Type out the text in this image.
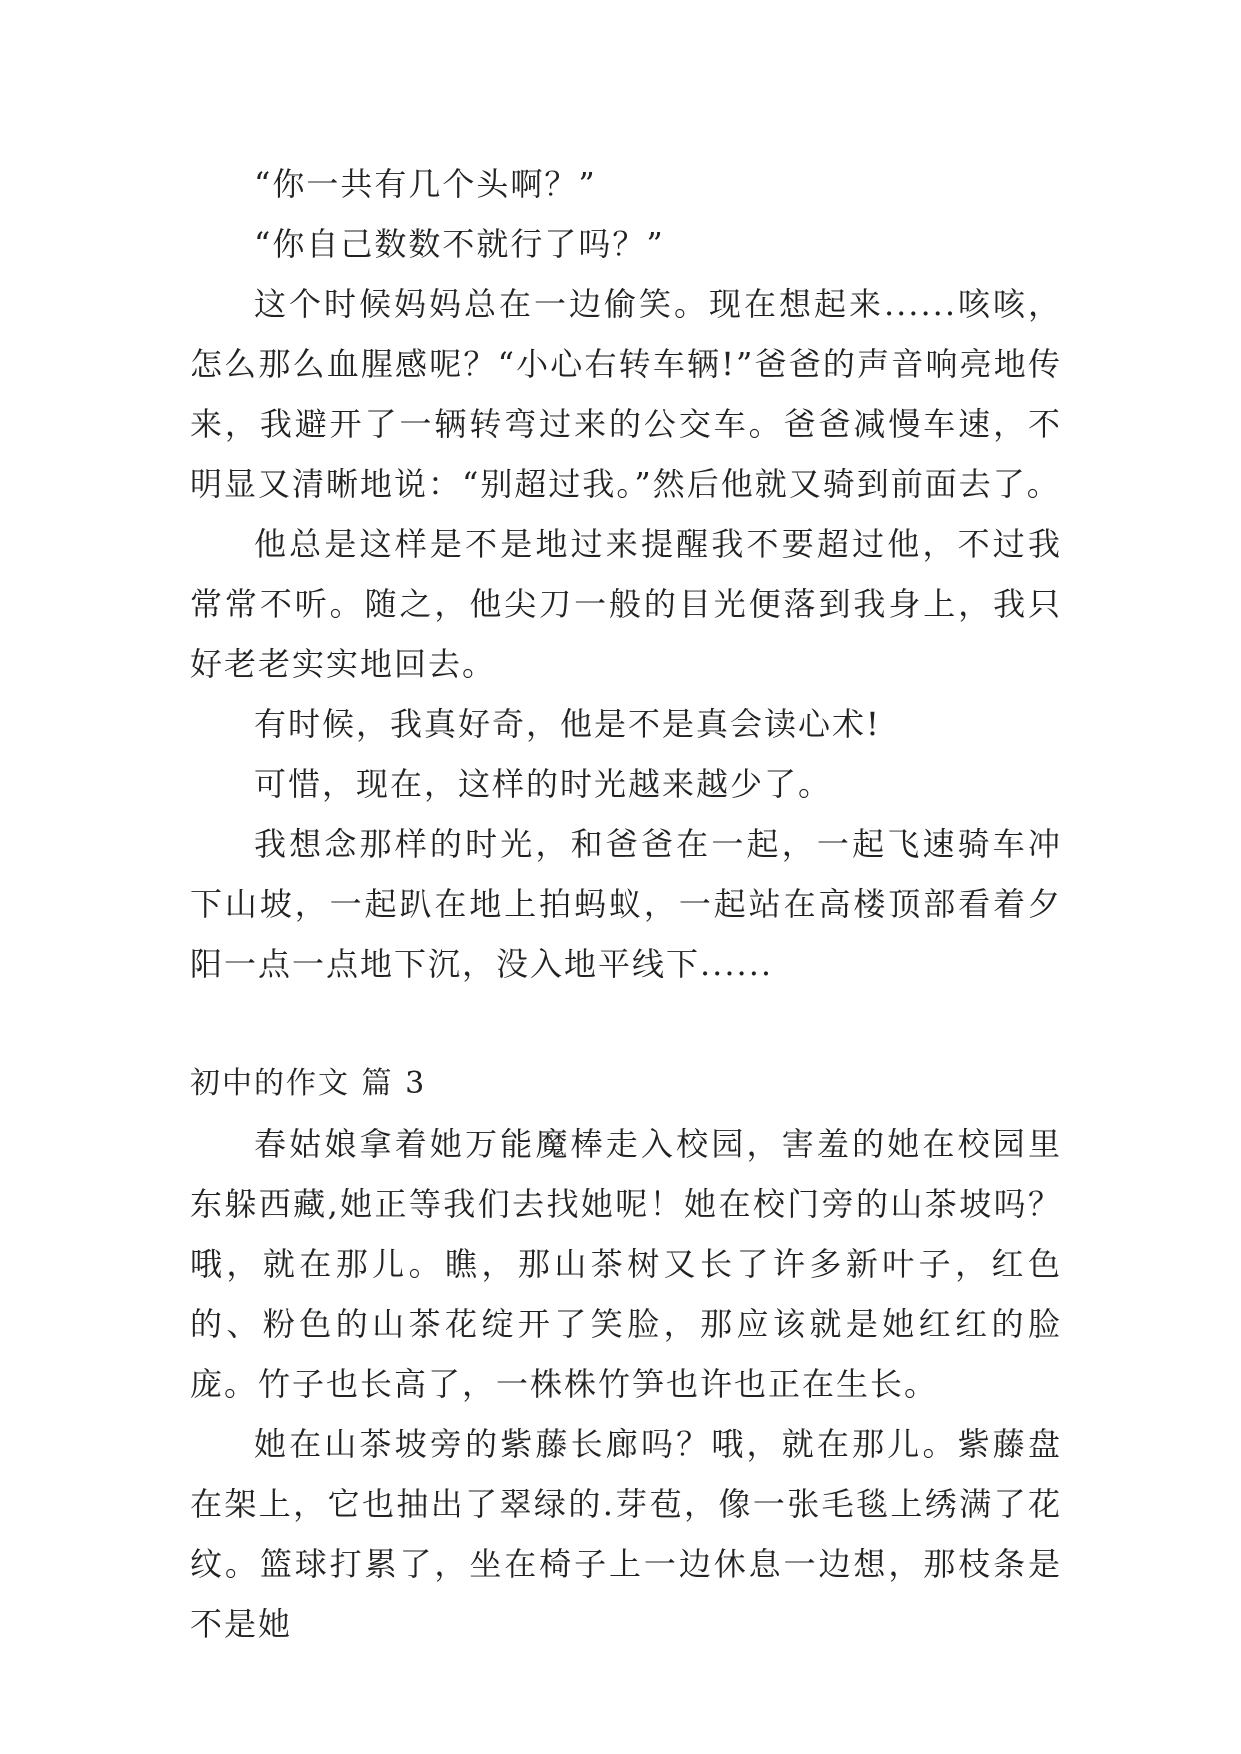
“你一共有几个头啊？”

“你自己数数不就行了吗？”

这个时候妈妈总在一边偷笑。现在想起来......咳咳，怎么那么血腥感呢？“小心右转车辆!”爸爸的声音响亮地传来，我避开了一辆转弯过来的公交车。爸爸减慢车速，不明显又清晰地说：“别超过我。”然后他就又骑到前面去了。

他总是这样是不是地过来提醒我不要超过他，不过我常常不听。随之，他尖刀一般的目光便落到我身上，我只好老老实实地回去。

有时候，我真好奇，他是不是真会读心术!

可惜，现在，这样的时光越来越少了。

我想念那样的时光，和爸爸在一起，一起飞速骑车冲下山坡，一起趴在地上拍蚂蚁，一起站在高楼顶部看着夕阳一点一点地下沉，没入地平线下......

初中的作文 篇 3

春姑娘拿着她万能魔棒走入校园，害羞的她在校园里东躲西藏,她正等我们去找她呢！她在校门旁的山茶坡吗？哦，就在那儿。瞧，那山茶树又长了许多新叶子，红色的、粉色的山茶花绽开了笑脸，那应该就是她红红的脸庞。竹子也长高了，一株株竹笋也许也正在生长。

她在山茶坡旁的紫藤长廊吗？哦，就在那儿。紫藤盘在架上，它也抽出了翠绿的.芽苞，像一张毛毯上绣满了花纹。篮球打累了，坐在椅子上一边休息一边想，那枝条是不是她
